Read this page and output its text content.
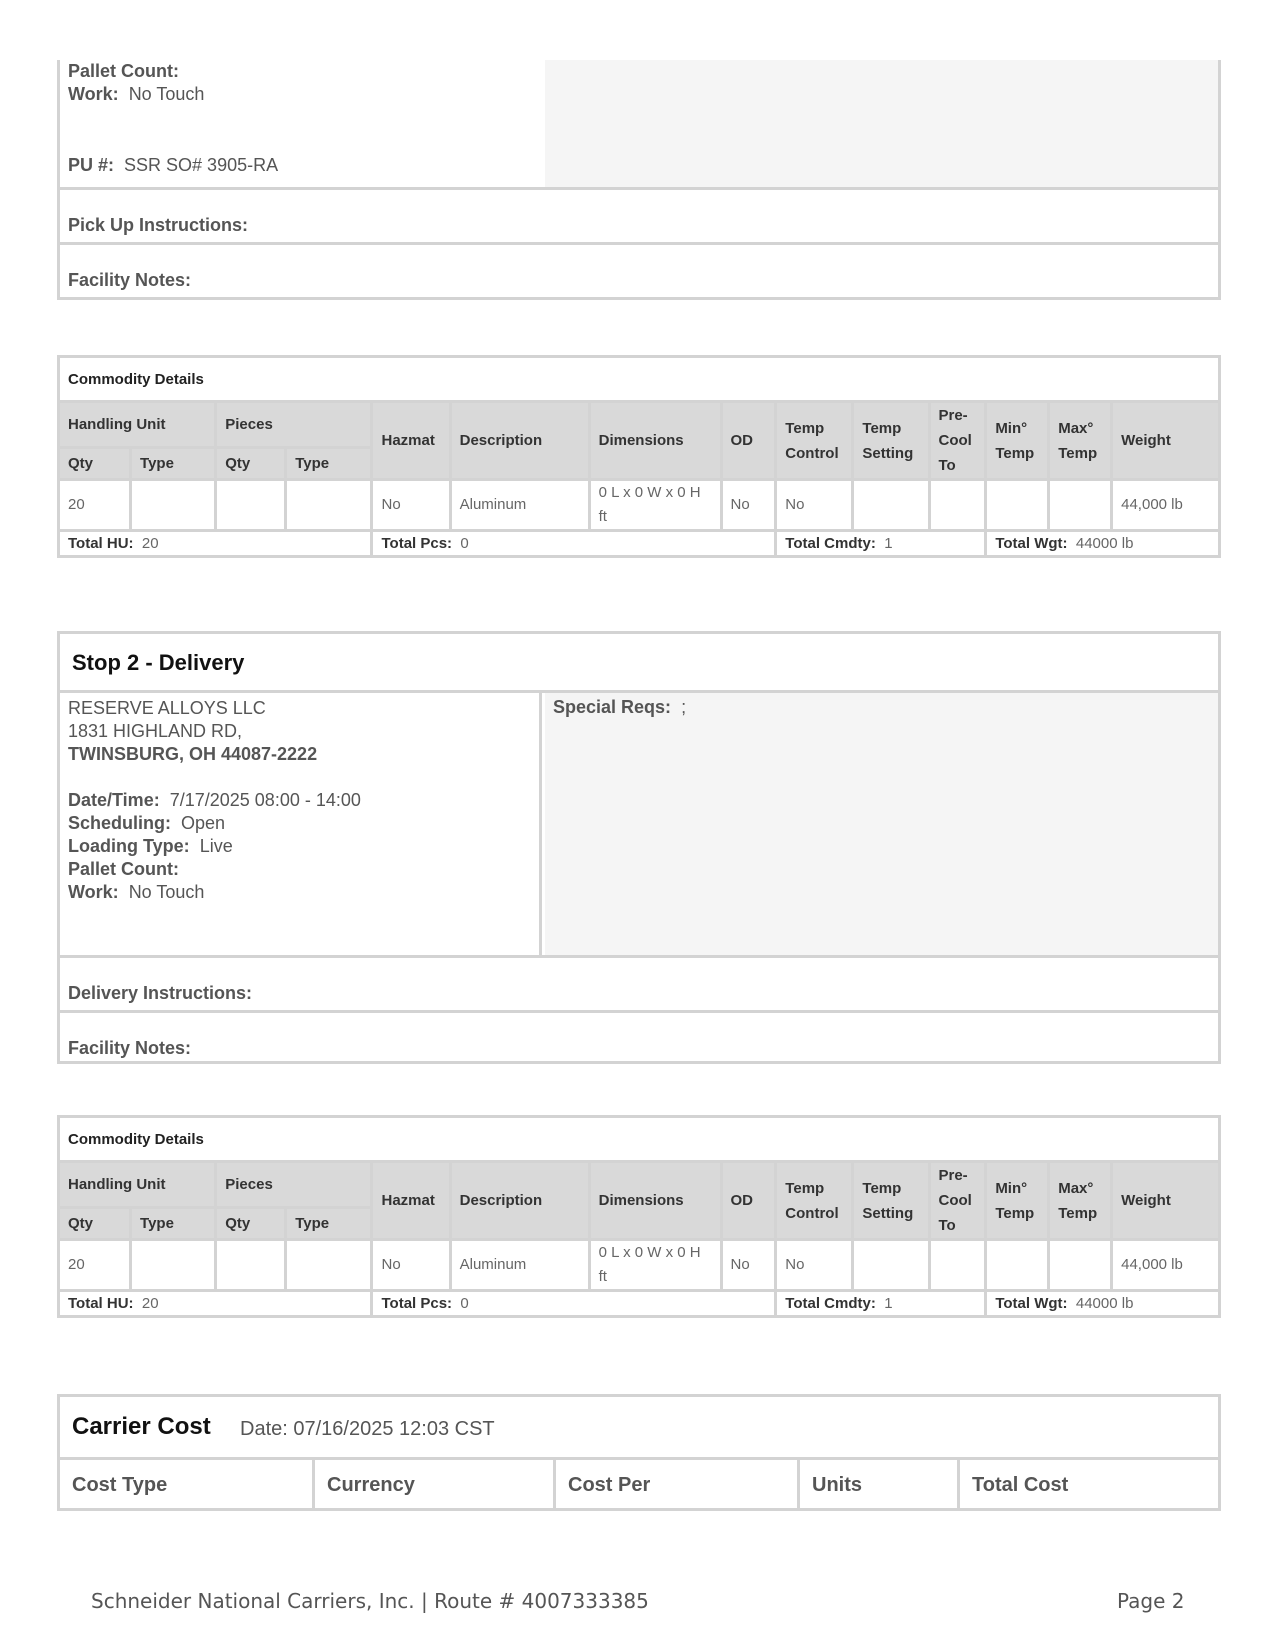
Pallet Count:
Work: No Touch
PU #: SSR SO# 3905-RA
Pick Up Instructions:
Facility Notes:
Commodity Details													
Handling Unit		Pieces		Hazmat	Description	Dimensions	OD	Temp Control	Temp Setting	Pre-Cool To	Min° Temp	Max° Temp	Weight
Qty	Type	Qty	Type										
20				No	Aluminum	0 L x 0 W x 0 H ft	No	No					44,000 lb
Total HU: 20				Total Pcs: 0				Total Cmdty: 1			Total Wgt: 44000 lb		
Stop 2 - Delivery
RESERVE ALLOYS LLC
1831 HIGHLAND RD,
TWINSBURG, OH 44087-2222
Date/Time: 7/17/2025 08:00 - 14:00
Scheduling: Open
Loading Type: Live
Pallet Count:
Work: No Touch
Special Reqs: ;
Delivery Instructions:
Facility Notes:
Commodity Details													
Handling Unit		Pieces		Hazmat	Description	Dimensions	OD	Temp Control	Temp Setting	Pre-Cool To	Min° Temp	Max° Temp	Weight
Qty	Type	Qty	Type										
20				No	Aluminum	0 L x 0 W x 0 H ft	No	No					44,000 lb
Total HU: 20				Total Pcs: 0				Total Cmdty: 1			Total Wgt: 44000 lb		
Carrier Cost Date: 07/16/2025 12:03 CST
Cost Type	Currency	Cost Per	Units	Total Cost
Schneider National Carriers, Inc. | Route # 4007333385	Page 2
